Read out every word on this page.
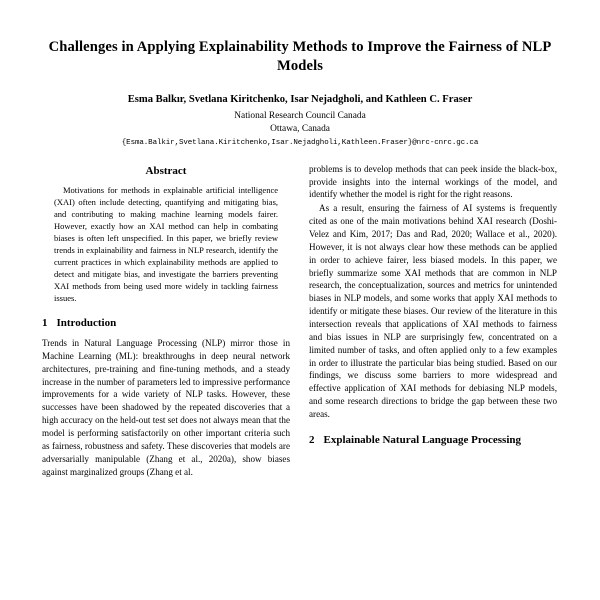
Challenges in Applying Explainability Methods to Improve the Fairness of NLP Models
Esma Balkır, Svetlana Kiritchenko, Isar Nejadgholi, and Kathleen C. Fraser
National Research Council Canada
Ottawa, Canada
{Esma.Balkir,Svetlana.Kiritchenko,Isar.Nejadgholi,Kathleen.Fraser}@nrc-cnrc.gc.ca
Abstract
Motivations for methods in explainable artificial intelligence (XAI) often include detecting, quantifying and mitigating bias, and contributing to making machine learning models fairer. However, exactly how an XAI method can help in combating biases is often left unspecified. In this paper, we briefly review trends in explainability and fairness in NLP research, identify the current practices in which explainability methods are applied to detect and mitigate bias, and investigate the barriers preventing XAI methods from being used more widely in tackling fairness issues.
1 Introduction

Trends in Natural Language Processing (NLP) mirror those in Machine Learning (ML): breakthroughs in deep neural network architectures, pre-training and fine-tuning methods, and a steady increase in the number of parameters led to impressive performance improvements for a wide variety of NLP tasks. However, these successes have been shadowed by the repeated discoveries that a high accuracy on the held-out test set does not always mean that the model is performing satisfactorily on other important criteria such as fairness, robustness and safety. These discoveries that models are adversarially manipulable (Zhang et al., 2020a), show biases against marginalized groups (Zhang et al.

problems is to develop methods that can peek inside the black-box, provide insights into the internal workings of the model, and identify whether the model is right for the right reasons.

As a result, ensuring the fairness of AI systems is frequently cited as one of the main motivations behind XAI research (Doshi-Velez and Kim, 2017; Das and Rad, 2020; Wallace et al., 2020). However, it is not always clear how these methods can be applied in order to achieve fairer, less biased models. In this paper, we briefly summarize some XAI methods that are common in NLP research, the conceptualization, sources and metrics for unintended biases in NLP models, and some works that apply XAI methods to identify or mitigate these biases. Our review of the literature in this intersection reveals that applications of XAI methods to fairness and bias issues in NLP are surprisingly few, concentrated on a limited number of tasks, and often applied only to a few examples in order to illustrate the particular bias being studied. Based on our findings, we discuss some barriers to more widespread and effective application of XAI methods for debiasing NLP models, and some research directions to bridge the gap between these two areas.

2 Explainable Natural Language Processing
